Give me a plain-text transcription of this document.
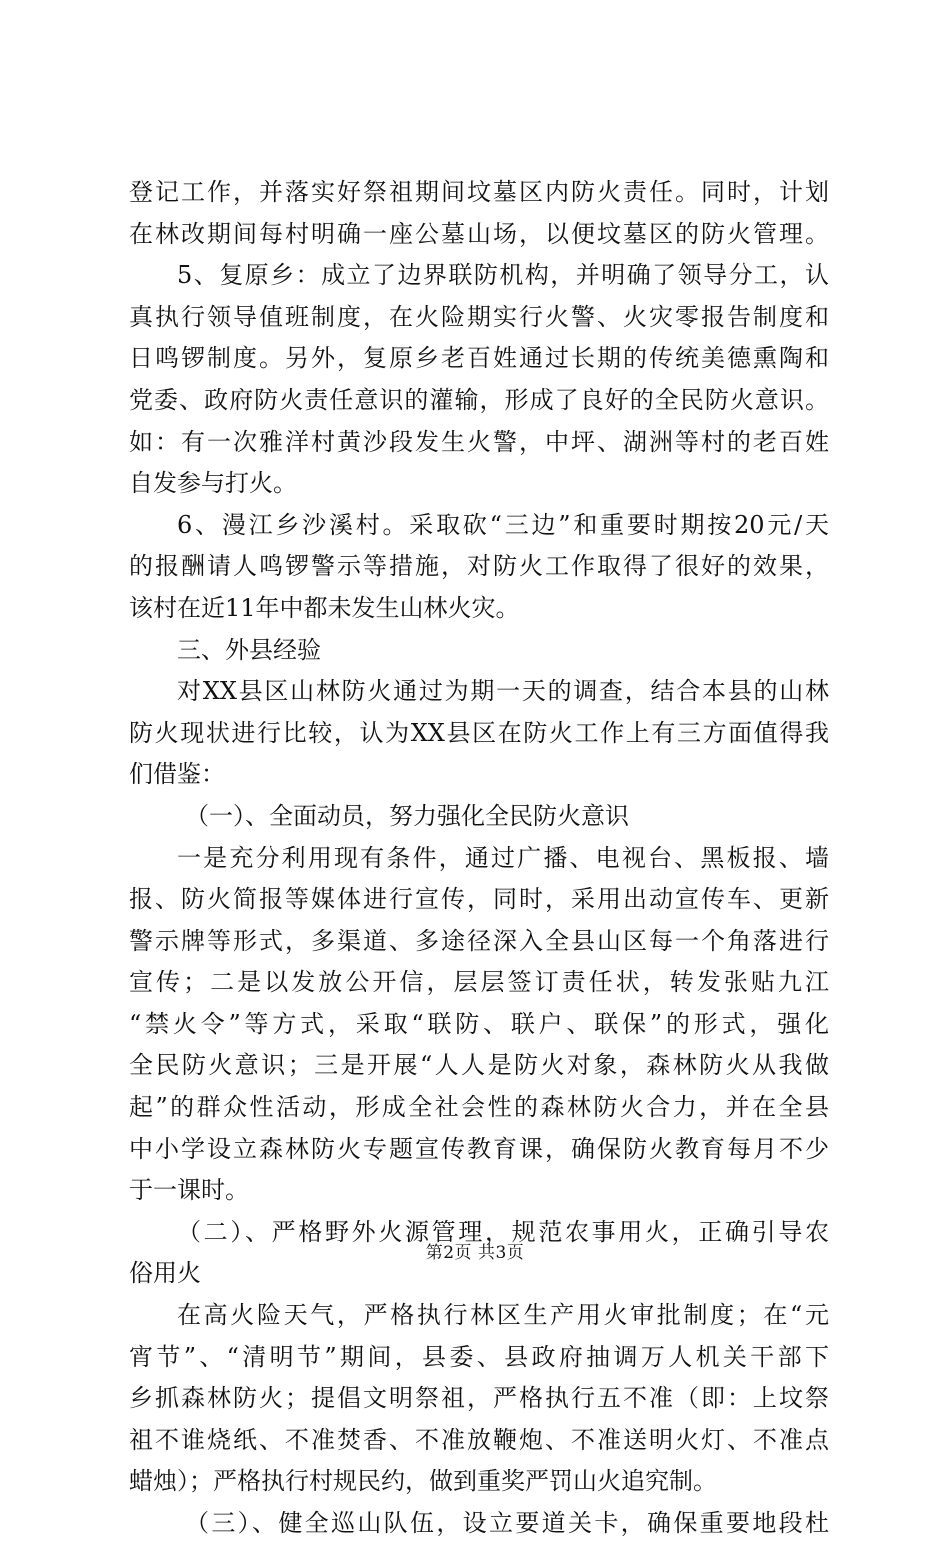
登记工作，并落实好祭祖期间坟墓区内防火责任。同时，计划
在林改期间每村明确一座公墓山场，以便坟墓区的防火管理。
5、复原乡：成立了边界联防机构，并明确了领导分工，认
真执行领导值班制度，在火险期实行火警、火灾零报告制度和
日鸣锣制度。另外，复原乡老百姓通过长期的传统美德熏陶和
党委、政府防火责任意识的灌输，形成了良好的全民防火意识。
如：有一次雅洋村黄沙段发生火警，中坪、湖洲等村的老百姓
自发参与打火。
6、漫江乡沙溪村。采取砍“三边”和重要时期按20元/天
的报酬请人鸣锣警示等措施，对防火工作取得了很好的效果，
该村在近11年中都未发生山林火灾。
三、外县经验
对XX县区山林防火通过为期一天的调查，结合本县的山林
防火现状进行比较，认为XX县区在防火工作上有三方面值得我
们借鉴：
（一）、全面动员，努力强化全民防火意识
一是充分利用现有条件，通过广播、电视台、黑板报、墙
报、防火简报等媒体进行宣传，同时，采用出动宣传车、更新
警示牌等形式，多渠道、多途径深入全县山区每一个角落进行
宣传；二是以发放公开信，层层签订责任状，转发张贴九江
“禁火令”等方式，采取“联防、联户、联保”的形式，强化
全民防火意识；三是开展“人人是防火对象，森林防火从我做
起”的群众性活动，形成全社会性的森林防火合力，并在全县
中小学设立森林防火专题宣传教育课，确保防火教育每月不少
于一课时。
（二）、严格野外火源管理，规范农事用火，正确引导农
俗用火
在高火险天气，严格执行林区生产用火审批制度；在“元
宵节”、“清明节”期间，县委、县政府抽调万人机关干部下
乡抓森林防火；提倡文明祭祖，严格执行五不准（即：上坟祭
祖不谁烧纸、不准焚香、不准放鞭炮、不准送明火灯、不准点
蜡烛）；严格执行村规民约，做到重奖严罚山火追究制。
（三）、健全巡山队伍，设立要道关卡，确保重要地段杜
第2页 共3页
